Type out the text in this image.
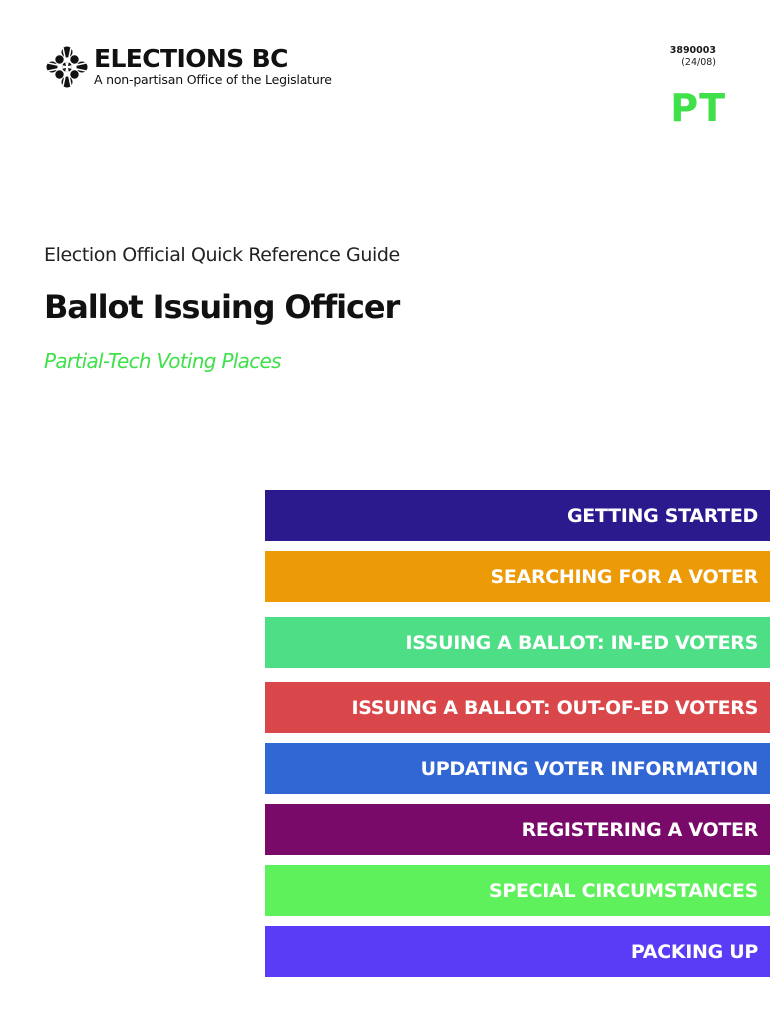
ELECTIONS BC
A non-partisan Office of the Legislature
3890003
(24/08)
PT
Election Official Quick Reference Guide
Ballot Issuing Officer
Partial-Tech Voting Places
GETTING STARTED
SEARCHING FOR A VOTER
ISSUING A BALLOT: IN-ED VOTERS
ISSUING A BALLOT: OUT-OF-ED VOTERS
UPDATING VOTER INFORMATION
REGISTERING A VOTER
SPECIAL CIRCUMSTANCES
PACKING UP
